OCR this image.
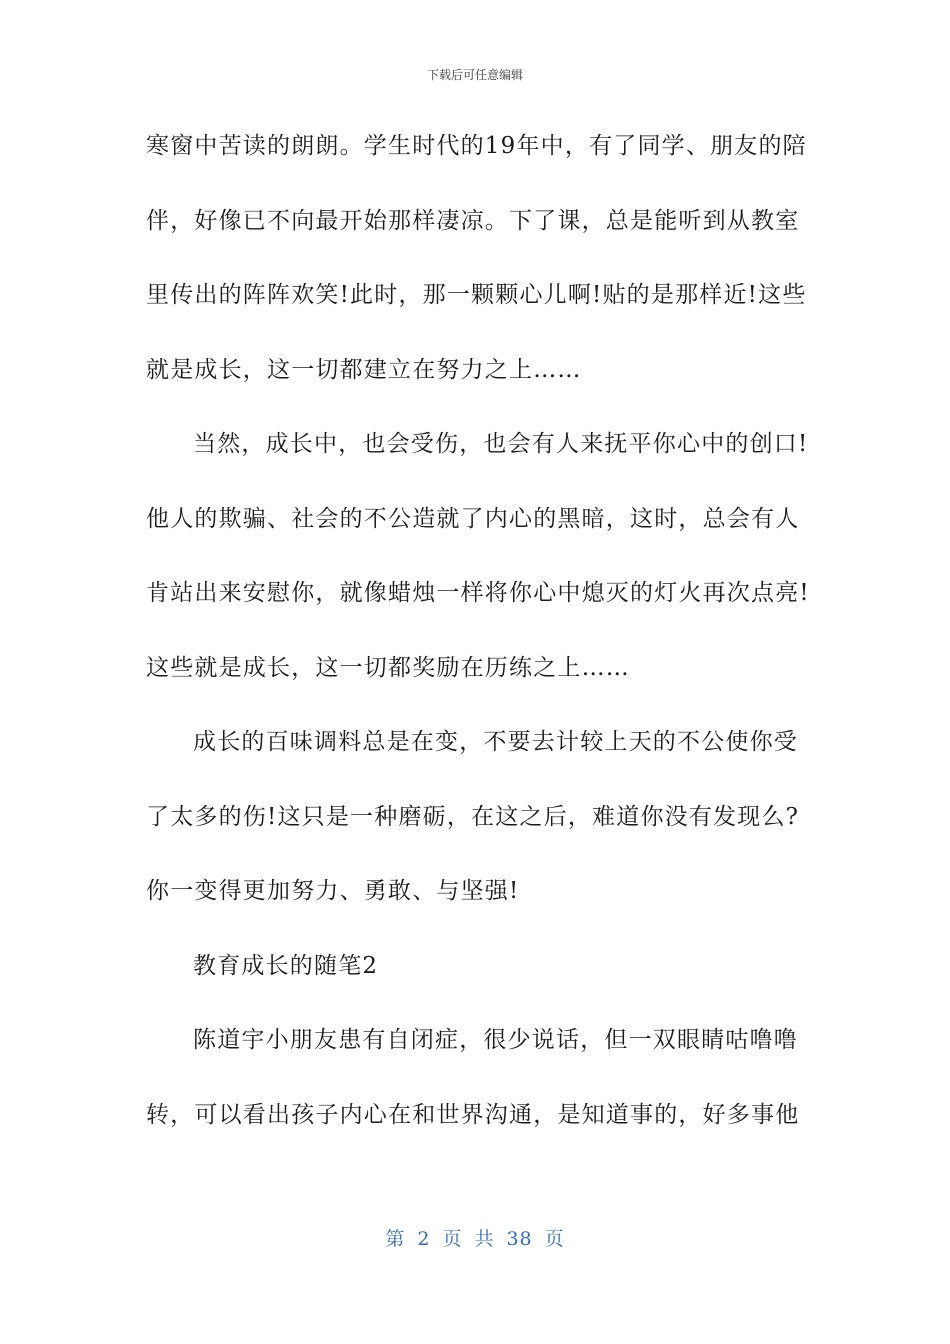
下载后可任意编辑
寒窗中苦读的朗朗。学生时代的19年中，有了同学、朋友的陪
伴，好像已不向最开始那样凄凉。下了课，总是能听到从教室
里传出的阵阵欢笑!此时，那一颗颗心儿啊!贴的是那样近!这些
就是成长，这一切都建立在努力之上……
当然，成长中，也会受伤，也会有人来抚平你心中的创口!
他人的欺骗、社会的不公造就了内心的黑暗，这时，总会有人
肯站出来安慰你，就像蜡烛一样将你心中熄灭的灯火再次点亮!
这些就是成长，这一切都奖励在历练之上……
成长的百味调料总是在变，不要去计较上天的不公使你受
了太多的伤!这只是一种磨砺，在这之后，难道你没有发现么?
你一变得更加努力、勇敢、与坚强!
教育成长的随笔2
陈道宇小朋友患有自闭症，很少说话，但一双眼睛咕噜噜
转，可以看出孩子内心在和世界沟通，是知道事的，好多事他
第 2 页 共 38 页
